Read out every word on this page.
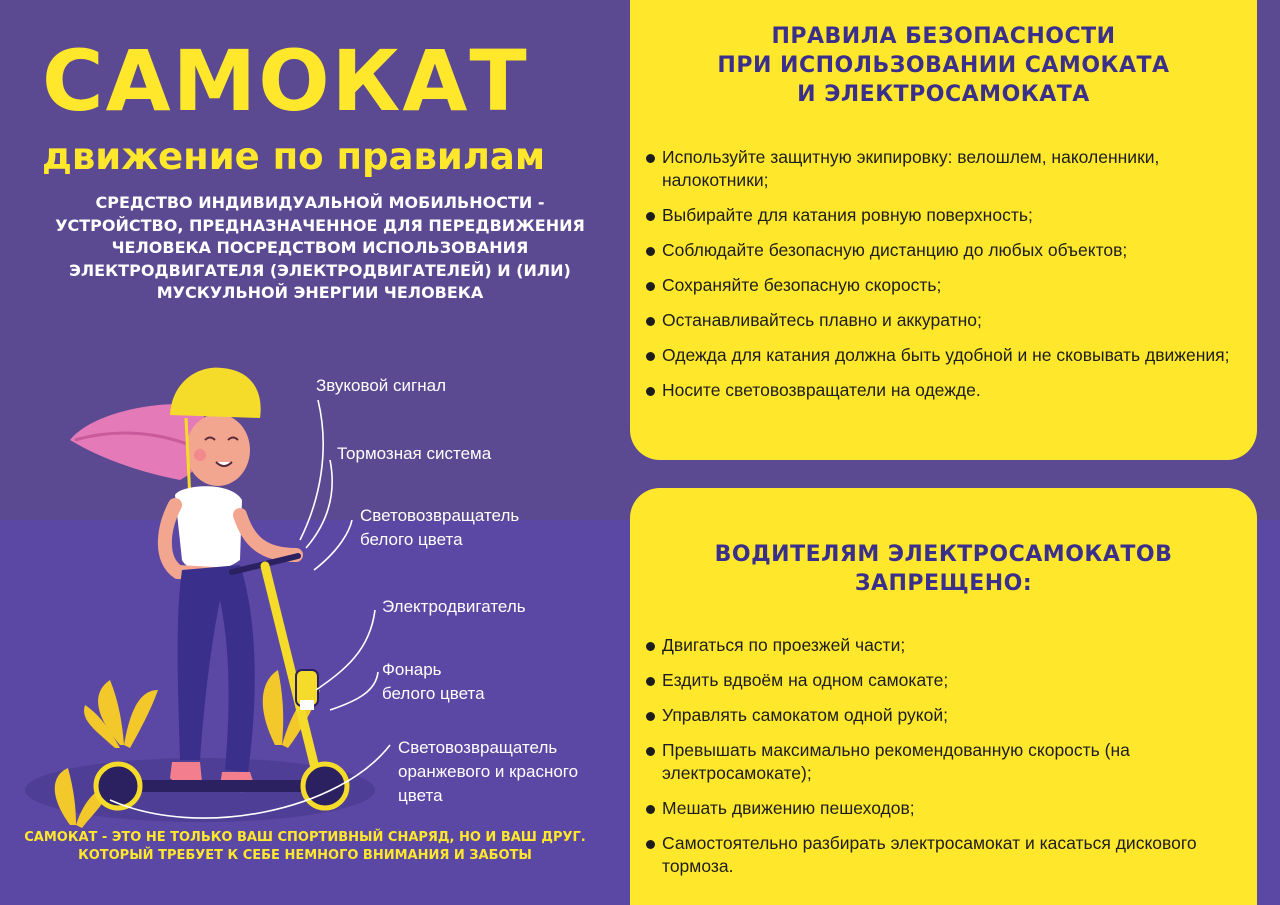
САМОКАТ
движение по правилам
СРЕДСТВО ИНДИВИДУАЛЬНОЙ МОБИЛЬНОСТИ - УСТРОЙСТВО, ПРЕДНАЗНАЧЕННОЕ ДЛЯ ПЕРЕДВИЖЕНИЯ ЧЕЛОВЕКА ПОСРЕДСТВОМ ИСПОЛЬЗОВАНИЯ ЭЛЕКТРОДВИГАТЕЛЯ (ЭЛЕКТРОДВИГАТЕЛЕЙ) И (ИЛИ) МУСКУЛЬНОЙ ЭНЕРГИИ ЧЕЛОВЕКА
Звуковой сигнал
Тормозная система
Световозвращатель
белого цвета
Электродвигатель
Фонарь
белого цвета
Световозвращатель
оранжевого и красного
цвета
САМОКАТ - ЭТО НЕ ТОЛЬКО ВАШ СПОРТИВНЫЙ СНАРЯД, НО И ВАШ ДРУГ. КОТОРЫЙ ТРЕБУЕТ К СЕБЕ НЕМНОГО ВНИМАНИЯ И ЗАБОТЫ
ПРАВИЛА БЕЗОПАСНОСТИ
ПРИ ИСПОЛЬЗОВАНИИ САМОКАТА
И ЭЛЕКТРОСАМОКАТА
Используйте защитную экипировку: велошлем, наколенники, налокотники;
Выбирайте для катания ровную поверхность;
Соблюдайте безопасную дистанцию до любых объектов;
Сохраняйте безопасную скорость;
Останавливайтесь плавно и аккуратно;
Одежда для катания должна быть удобной и не сковывать движения;
Носите световозвращатели на одежде.
ВОДИТЕЛЯМ ЭЛЕКТРОСАМОКАТОВ
ЗАПРЕЩЕНО:
Двигаться по проезжей части;
Ездить вдвоём на одном самокате;
Управлять самокатом одной рукой;
Превышать максимально рекомендованную скорость (на электросамокате);
Мешать движению пешеходов;
Самостоятельно разбирать электросамокат и касаться дискового тормоза.
